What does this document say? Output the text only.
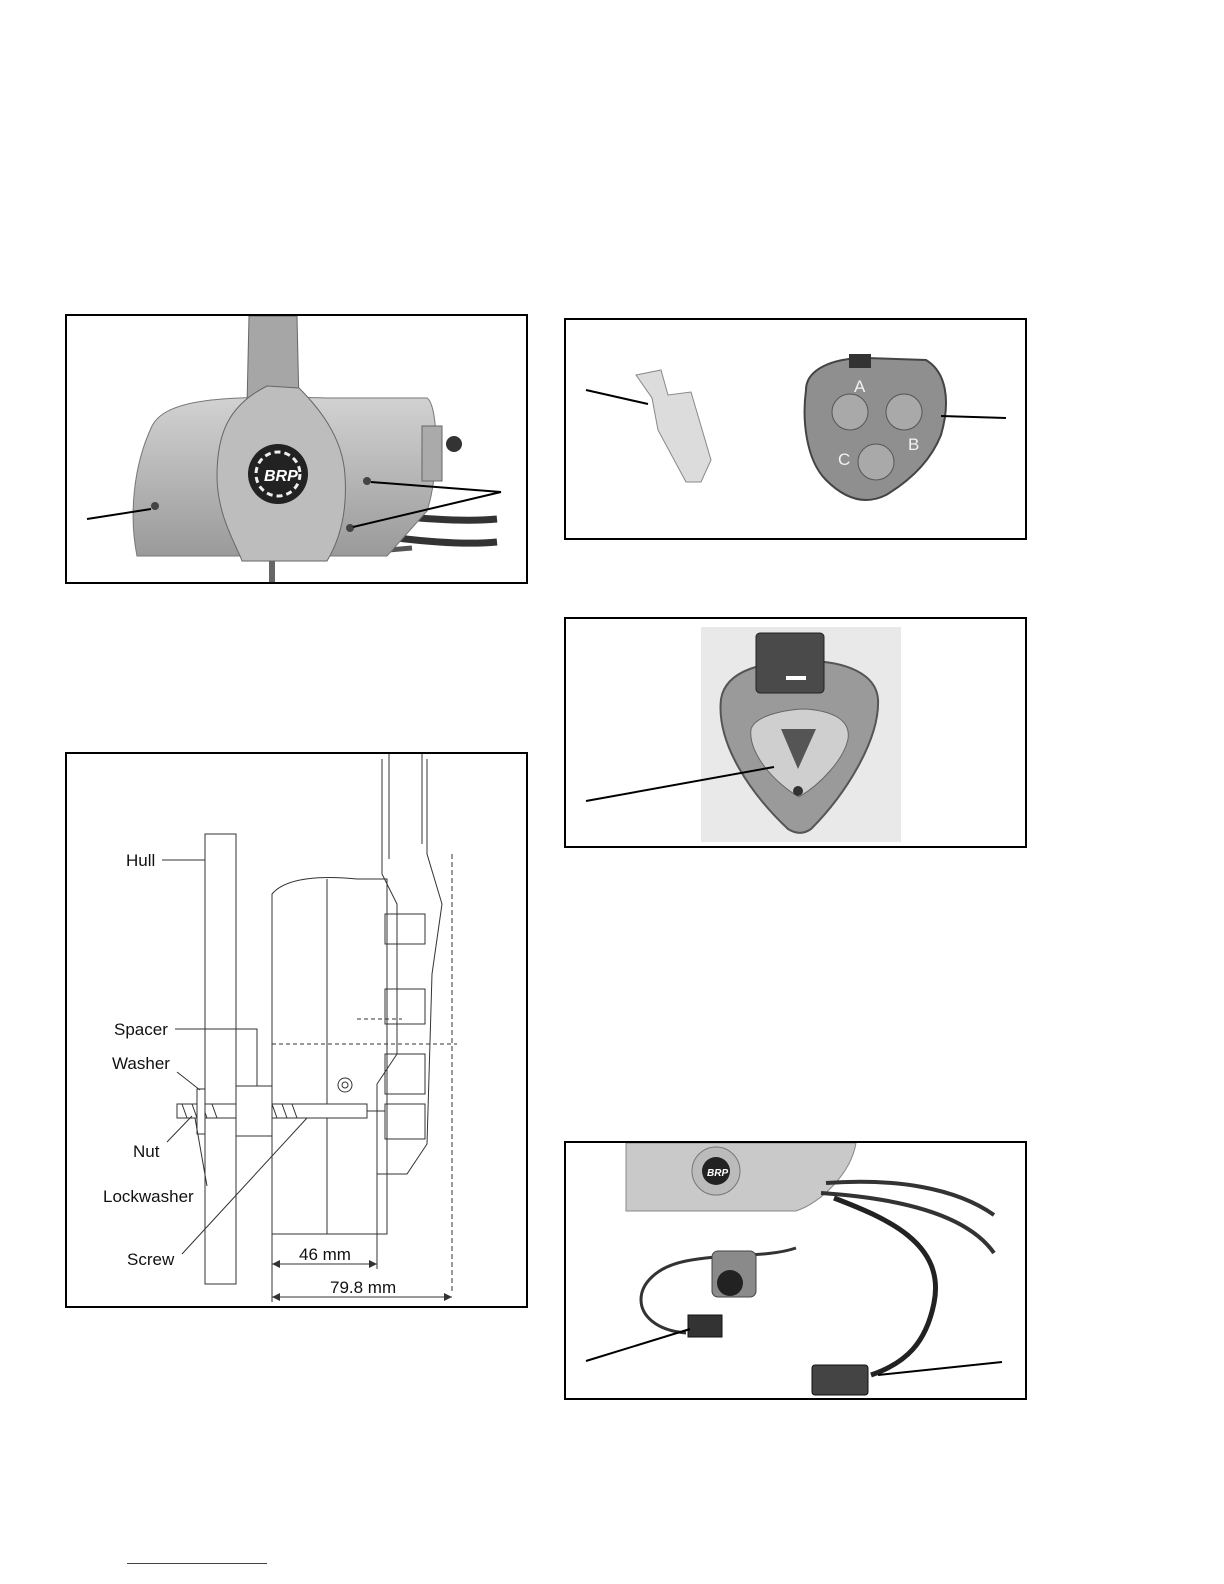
BRP
A
B
C
Hull
Spacer
Washer
Nut
Lockwasher
Screw	46 mm
79.8 mm
BRP
